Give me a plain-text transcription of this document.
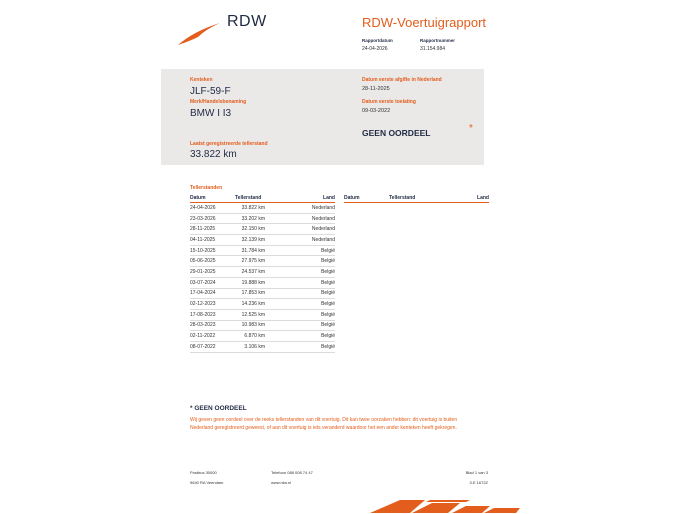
RDW	RDW-Voertuigrapport
Rapportdatum
24-04-2026
Rapportnummer
31.154.984
Kenteken
JLF-59-F
Merk/Handelsbenaming
BMW I I3
Laatst geregistreerde tellerstand
33.822 km
Datum eerste afgifte in Nederland
28-11-2025
Datum eerste toelating
09-03-2022
GEEN OORDEEL	*
Tellerstanden
Datum	Tellerstand	Land
24-04-2026	33.822 km	Nederland
23-03-2026	33.202 km	Nederland
28-11-2025	32.150 km	Nederland
04-11-2025	32.139 km	Nederland
15-10-2025	31.784 km	België
05-06-2025	27.975 km	België
29-01-2025	24.537 km	België
03-07-2024	19.888 km	België
17-04-2024	17.853 km	België
02-12-2023	14.236 km	België
17-08-2023	12.525 km	België
28-03-2023	10.983 km	België
02-11-2022	6.870 km	België
08-07-2022	3.106 km	België
Datum	Tellerstand	Land
* GEEN OORDEEL
Wij geven geen oordeel over de reeks tellerstanden van dit voertuig. Dit kan twee oorzaken hebben: dit voertuig is buiten Nederland geregistreerd geweest, of aan dit voertuig is iets veranderd waardoor het een ander kenteken heeft gekregen.
Postbus 30000
9640 RA Veendam
Telefoon 088 008 74 47
www.rdw.nl
Blad 1 van 3
3.E 1672Z
